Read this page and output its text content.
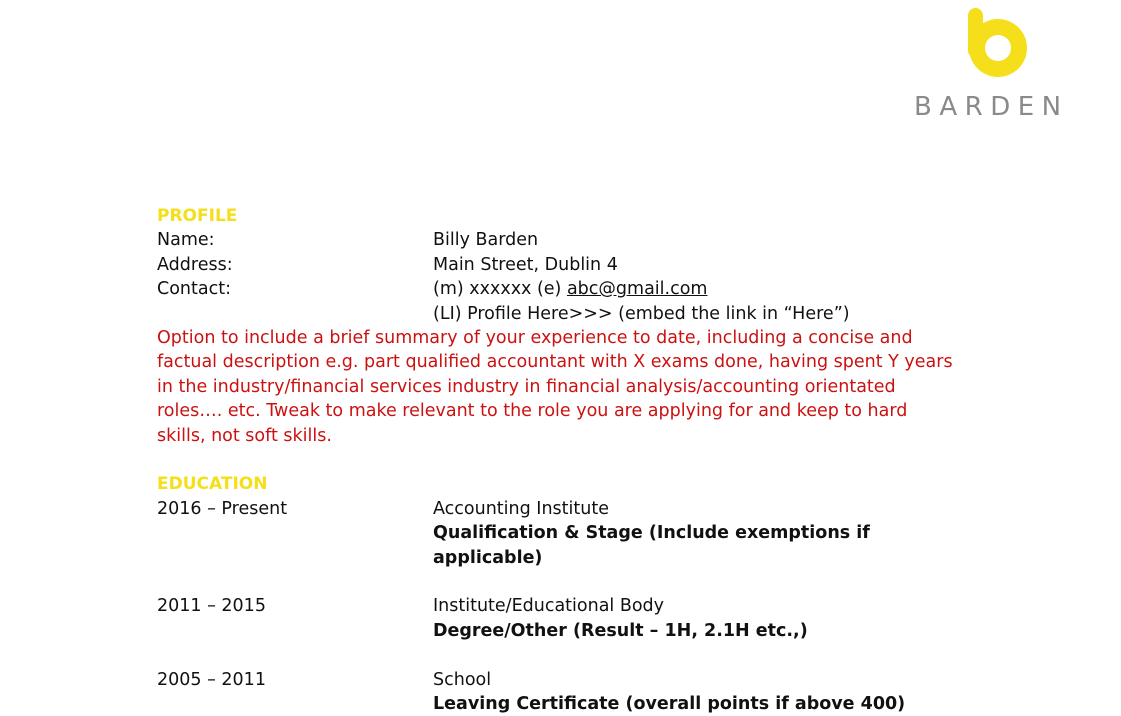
BARDEN
PROFILE
Name:	Billy Barden
Address:	Main Street, Dublin 4
Contact:	(m) xxxxxx (e) abc@gmail.com
(LI) Profile Here>>> (embed the link in “Here”)
Option to include a brief summary of your experience to date, including a concise and factual description e.g. part qualified accountant with X exams done, having spent Y years in the industry/financial services industry in financial analysis/accounting orientated roles…. etc. Tweak to make relevant to the role you are applying for and keep to hard skills, not soft skills.
EDUCATION
2016 – Present	Accounting Institute
Qualification & Stage (Include exemptions if applicable)
2011 – 2015	Institute/Educational Body
Degree/Other (Result – 1H, 2.1H etc.,)
2005 – 2011	School
Leaving Certificate (overall points if above 400)
